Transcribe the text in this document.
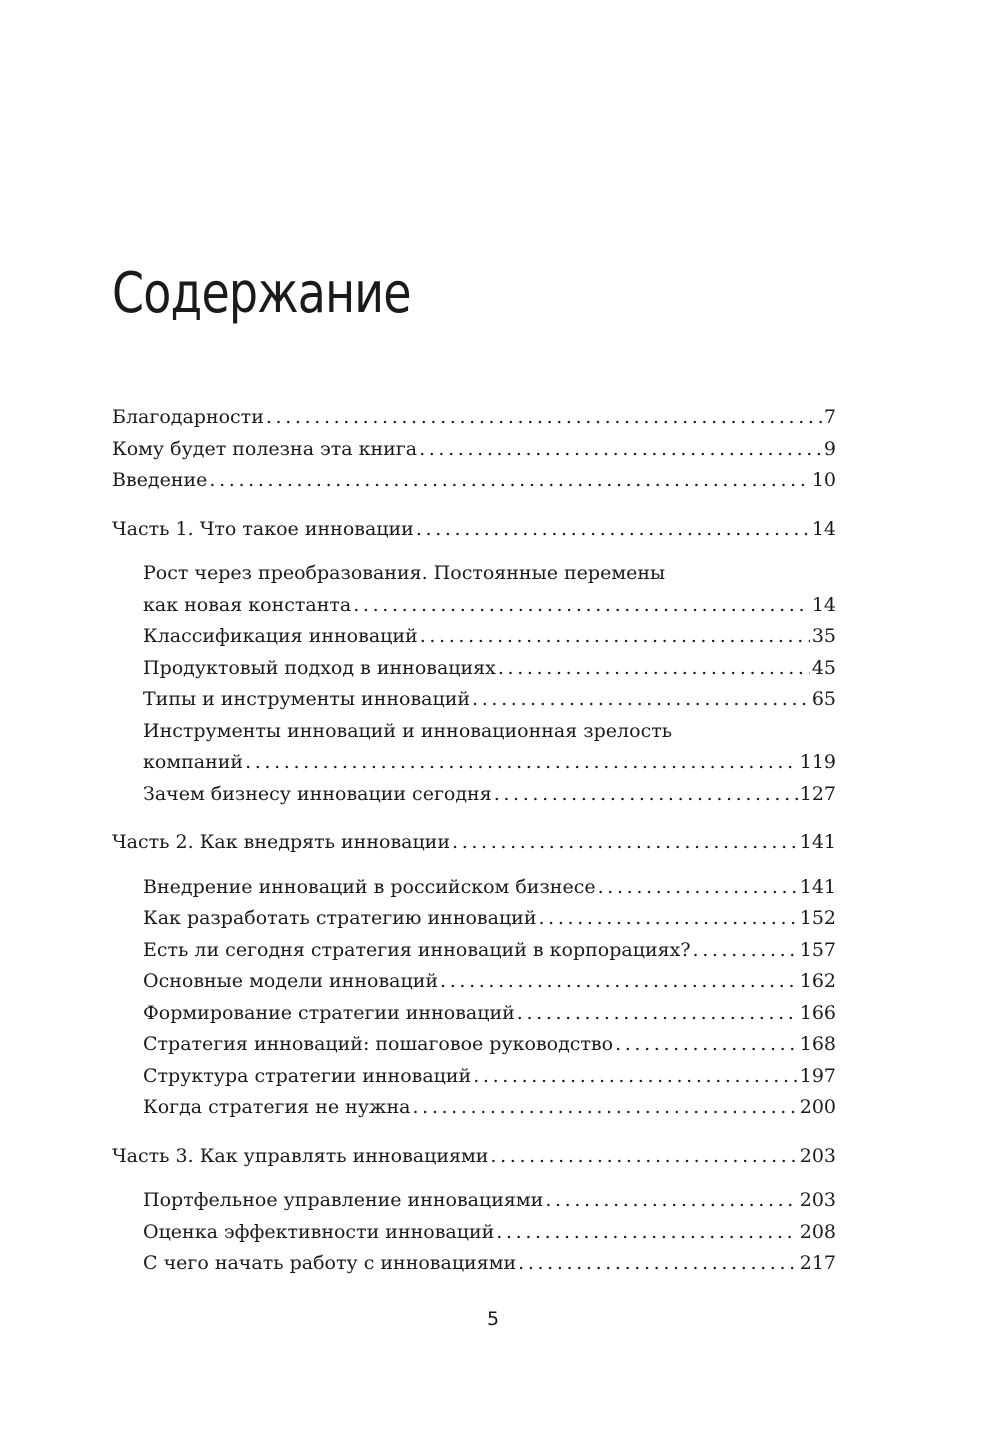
Содержание
Благодарности . . .	7
Кому будет полезна эта книга . . .	9
Введение . . .	10
Часть 1. Что такое инновации . . .	14
Рост через преобразования. Постоянные перемены
как новая константа . . .	14
Классификация инноваций . . .	35
Продуктовый подход в инновациях . . .	45
Типы и инструменты инноваций . . .	65
Инструменты инноваций и инновационная зрелость
компаний . . .	119
Зачем бизнесу инновации сегодня . . .	127
Часть 2. Как внедрять инновации . . .	141
Внедрение инноваций в российском бизнесе . . .	141
Как разработать стратегию инноваций . . .	152
Есть ли сегодня стратегия инноваций в корпорациях? . . .	157
Основные модели инноваций . . .	162
Формирование стратегии инноваций . . .	166
Стратегия инноваций: пошаговое руководство . . .	168
Структура стратегии инноваций . . .	197
Когда стратегия не нужна . . .	200
Часть 3. Как управлять инновациями . . .	203
Портфельное управление инновациями . . .	203
Оценка эффективности инноваций . . .	208
С чего начать работу с инновациями . . .	217
5
